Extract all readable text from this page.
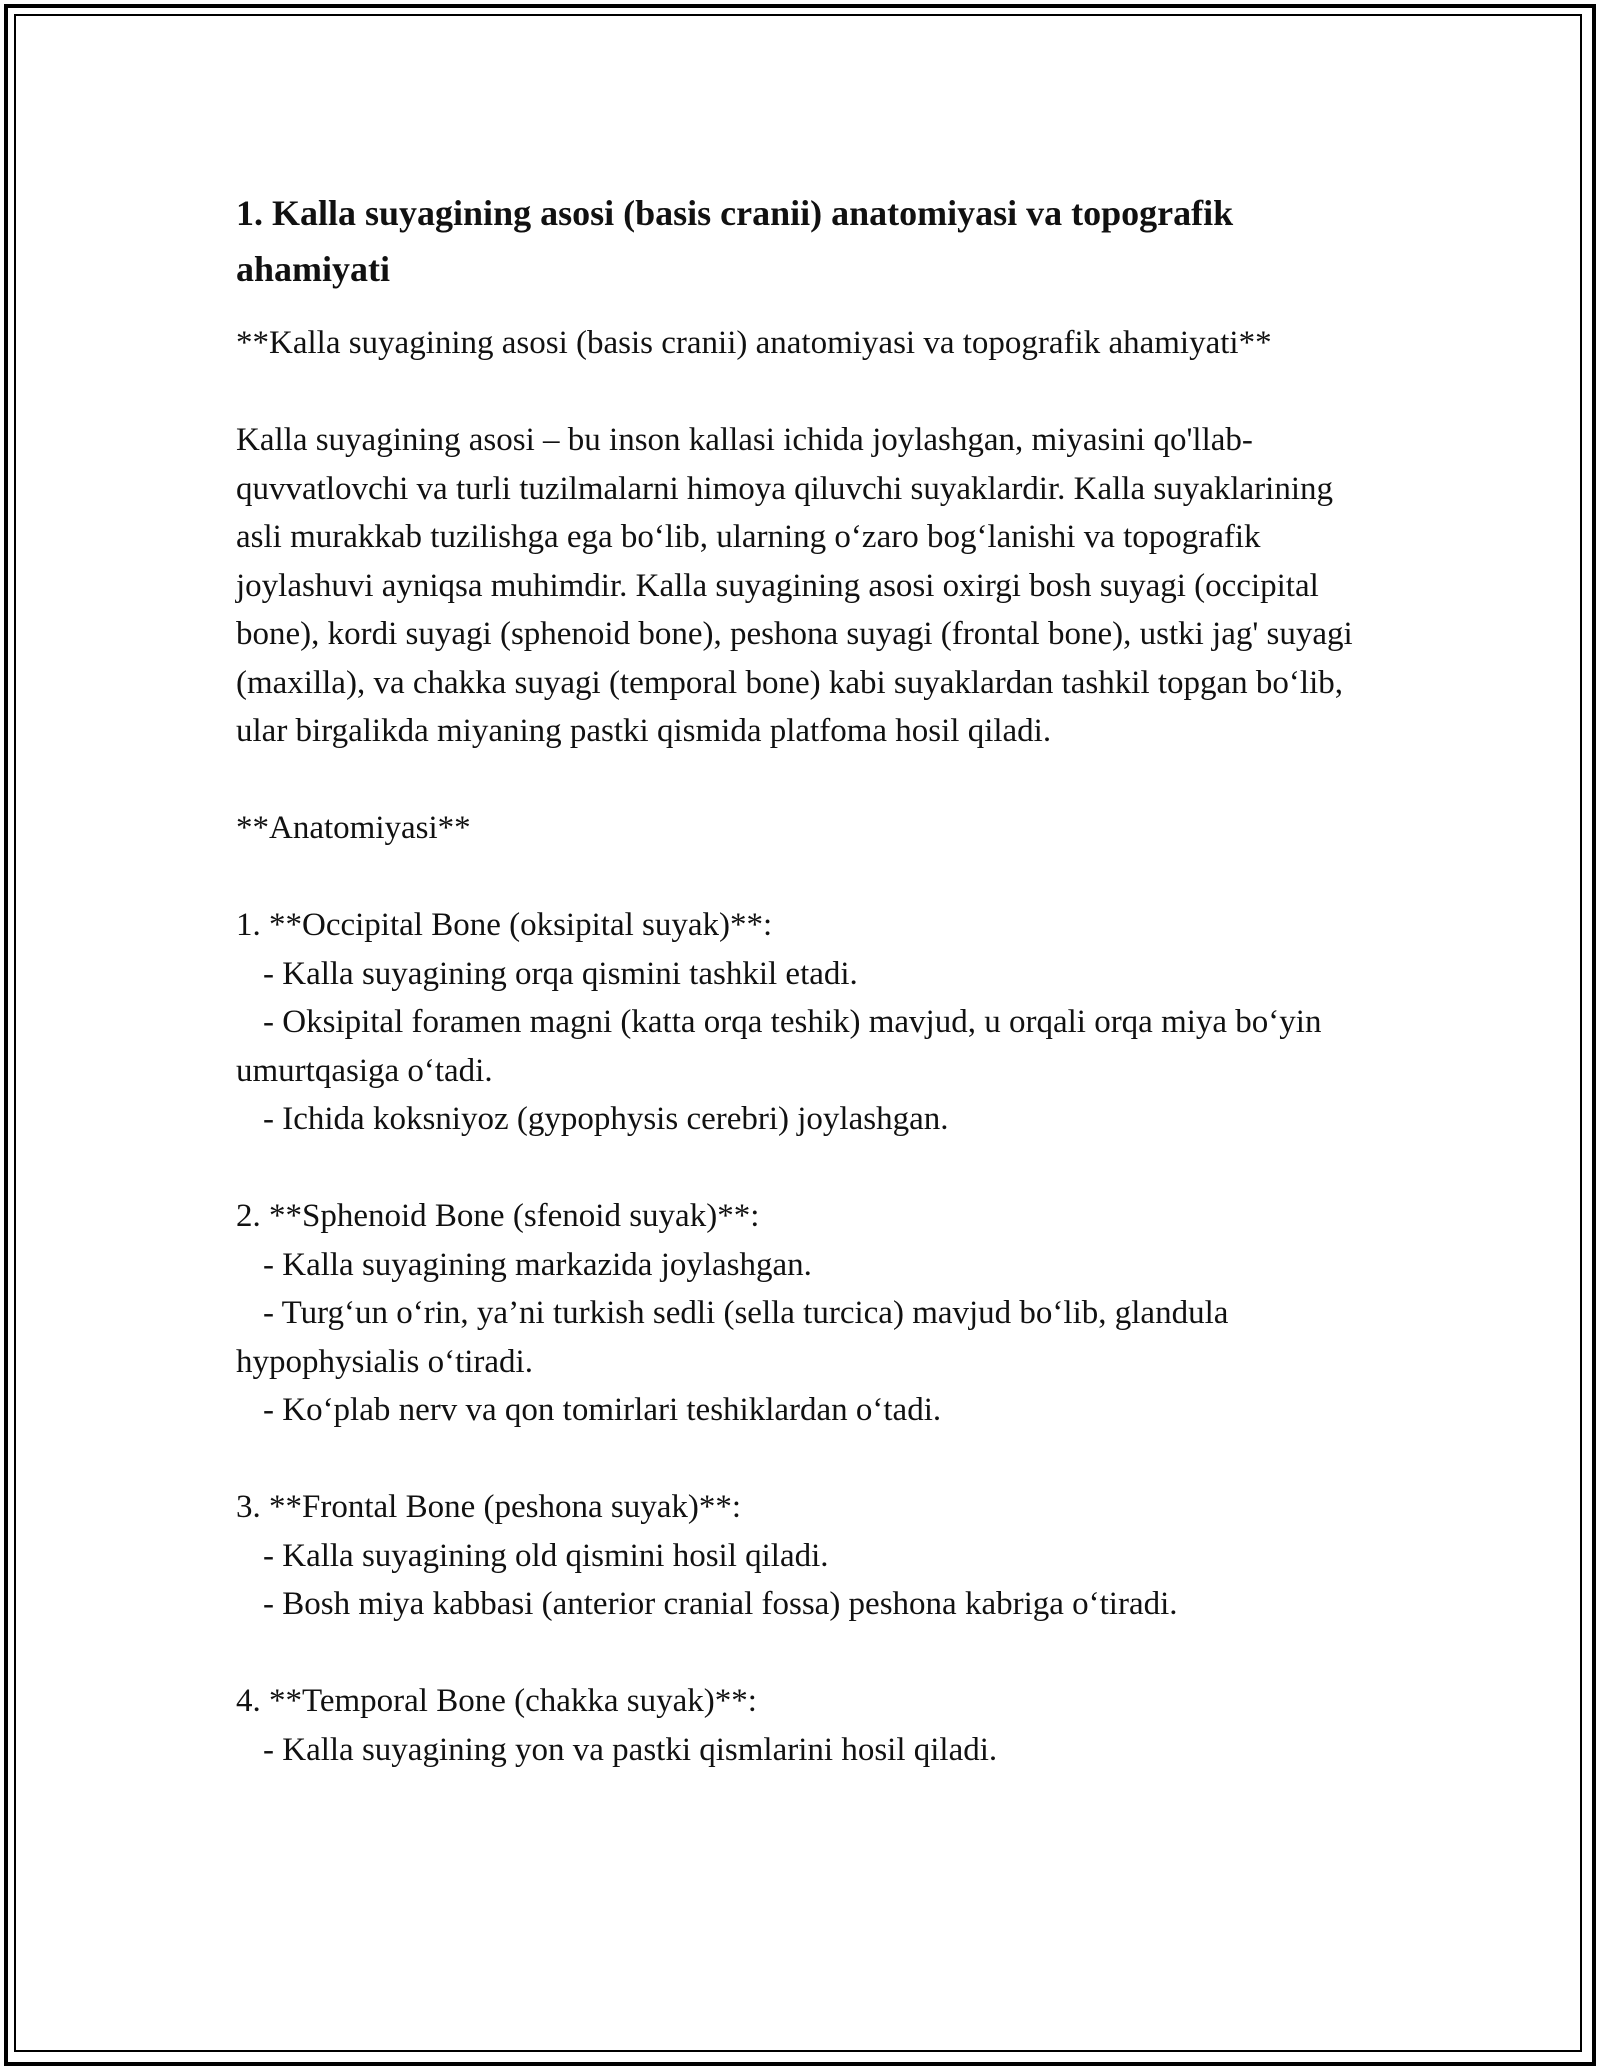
1. Kalla suyagining asosi (basis cranii) anatomiyasi va topografik ahamiyati

**Kalla suyagining asosi (basis cranii) anatomiyasi va topografik ahamiyati**

Kalla suyagining asosi – bu inson kallasi ichida joylashgan, miyasini qo'llab-quvvatlovchi va turli tuzilmalarni himoya qiluvchi suyaklardir. Kalla suyaklarining asli murakkab tuzilishga ega bo‘lib, ularning o‘zaro bog‘lanishi va topografik joylashuvi ayniqsa muhimdir. Kalla suyagining asosi oxirgi bosh suyagi (occipital bone), kordi suyagi (sphenoid bone), peshona suyagi (frontal bone), ustki jag' suyagi (maxilla), va chakka suyagi (temporal bone) kabi suyaklardan tashkil topgan bo‘lib, ular birgalikda miyaning pastki qismida platfoma hosil qiladi.

**Anatomiyasi**

1. **Occipital Bone (oksipital suyak)**:

- Kalla suyagining orqa qismini tashkil etadi.

- Oksipital foramen magni (katta orqa teshik) mavjud, u orqali orqa miya bo‘yin umurtqasiga o‘tadi.

- Ichida koksniyoz (gypophysis cerebri) joylashgan.

2. **Sphenoid Bone (sfenoid suyak)**:

- Kalla suyagining markazida joylashgan.

- Turg‘un o‘rin, ya’ni turkish sedli (sella turcica) mavjud bo‘lib, glandula hypophysialis o‘tiradi.

- Ko‘plab nerv va qon tomirlari teshiklardan o‘tadi.

3. **Frontal Bone (peshona suyak)**:

- Kalla suyagining old qismini hosil qiladi.

- Bosh miya kabbasi (anterior cranial fossa) peshona kabriga o‘tiradi.

4. **Temporal Bone (chakka suyak)**:

- Kalla suyagining yon va pastki qismlarini hosil qiladi.
